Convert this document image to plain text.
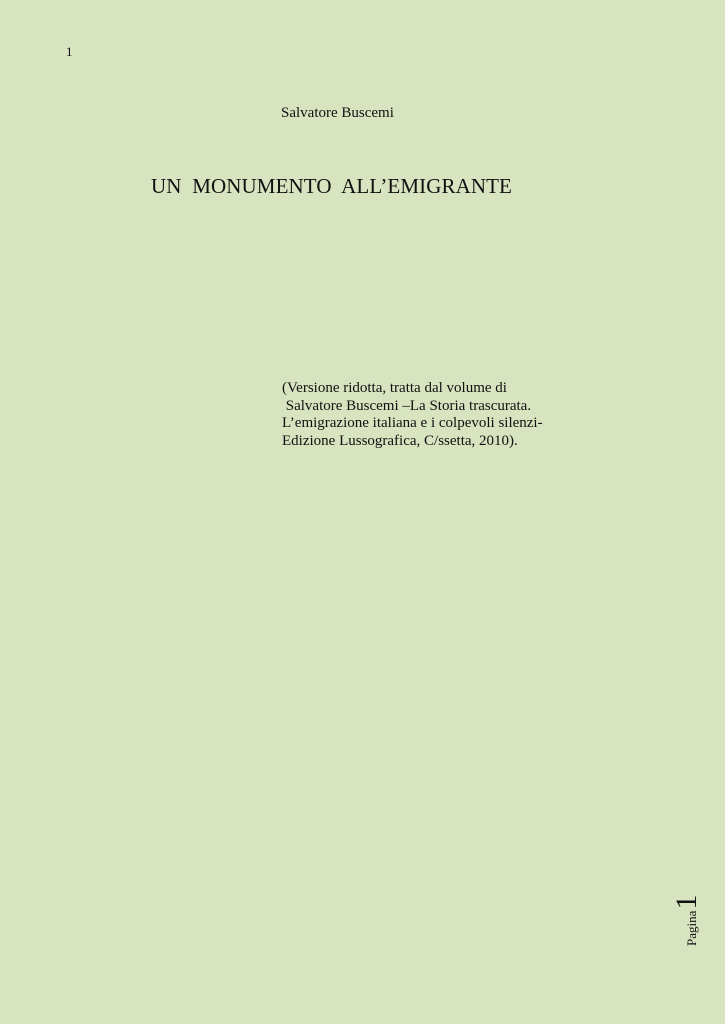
1
Salvatore Buscemi
UN  MONUMENTO  ALL’EMIGRANTE
(Versione ridotta, tratta dal volume di
Salvatore Buscemi –La Storia trascurata.
L’emigrazione italiana e i colpevoli silenzi-
Edizione Lussografica, C/ssetta, 2010).
Pagina
1
